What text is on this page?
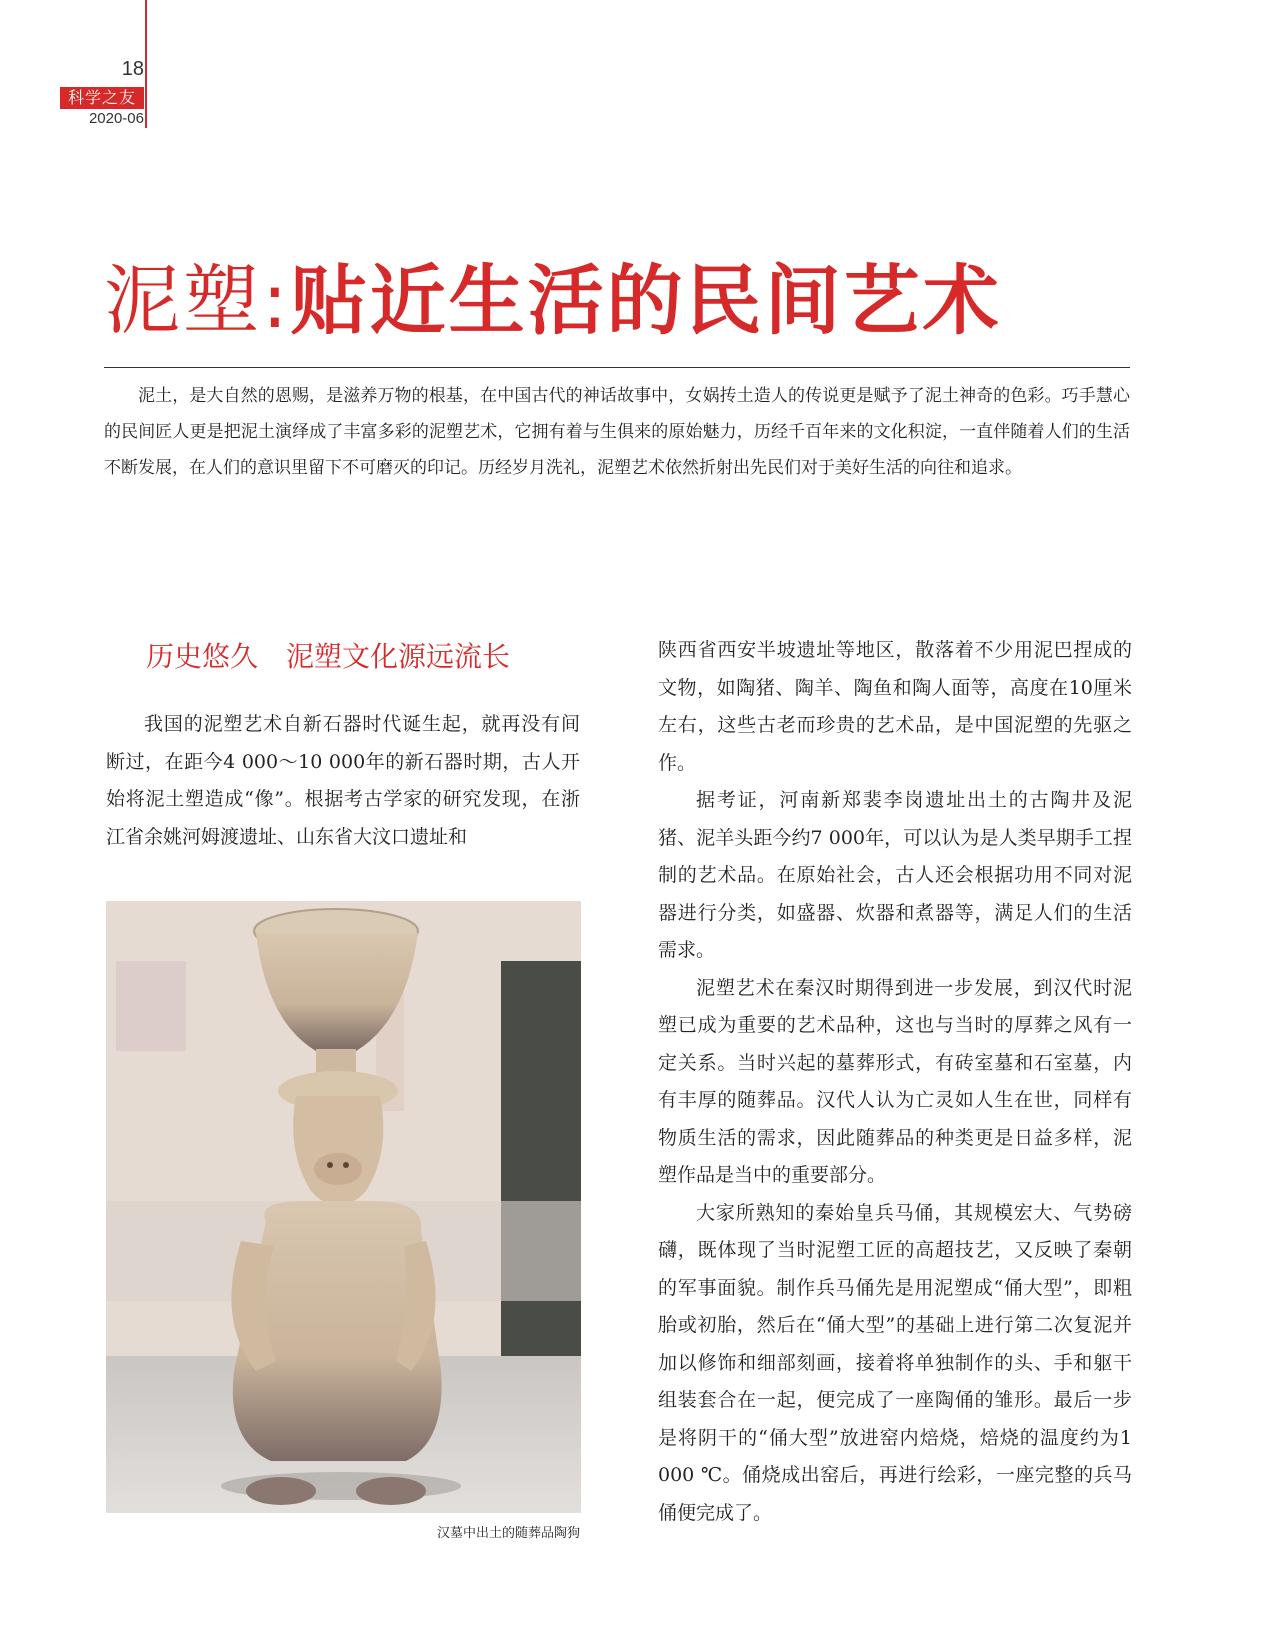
18
科学之友
2020-06
泥塑:贴近生活的民间艺术

泥土，是大自然的恩赐，是滋养万物的根基，在中国古代的神话故事中，女娲抟土造人的传说更是赋予了泥土神奇的色彩。巧手慧心的民间匠人更是把泥土演绎成了丰富多彩的泥塑艺术，它拥有着与生俱来的原始魅力，历经千百年来的文化积淀，一直伴随着人们的生活不断发展，在人们的意识里留下不可磨灭的印记。历经岁月洗礼，泥塑艺术依然折射出先民们对于美好生活的向往和追求。

历史悠久 泥塑文化源远流长

我国的泥塑艺术自新石器时代诞生起，就再没有间断过，在距今4 000～10 000年的新石器时期，古人开始将泥土塑造成“像”。根据考古学家的研究发现，在浙江省余姚河姆渡遗址、山东省大汶口遗址和

汉墓中出土的随葬品陶狗

陕西省西安半坡遗址等地区，散落着不少用泥巴捏成的文物，如陶猪、陶羊、陶鱼和陶人面等，高度在10厘米左右，这些古老而珍贵的艺术品，是中国泥塑的先驱之作。

据考证，河南新郑裴李岗遗址出土的古陶井及泥猪、泥羊头距今约7 000年，可以认为是人类早期手工捏制的艺术品。在原始社会，古人还会根据功用不同对泥器进行分类，如盛器、炊器和煮器等，满足人们的生活需求。

泥塑艺术在秦汉时期得到进一步发展，到汉代时泥塑已成为重要的艺术品种，这也与当时的厚葬之风有一定关系。当时兴起的墓葬形式，有砖室墓和石室墓，内有丰厚的随葬品。汉代人认为亡灵如人生在世，同样有物质生活的需求，因此随葬品的种类更是日益多样，泥塑作品是当中的重要部分。

大家所熟知的秦始皇兵马俑，其规模宏大、气势磅礴，既体现了当时泥塑工匠的高超技艺，又反映了秦朝的军事面貌。制作兵马俑先是用泥塑成“俑大型”，即粗胎或初胎，然后在“俑大型”的基础上进行第二次复泥并加以修饰和细部刻画，接着将单独制作的头、手和躯干组装套合在一起，便完成了一座陶俑的雏形。最后一步是将阴干的“俑大型”放进窑内焙烧，焙烧的温度约为1 000 ℃。俑烧成出窑后，再进行绘彩，一座完整的兵马俑便完成了。
